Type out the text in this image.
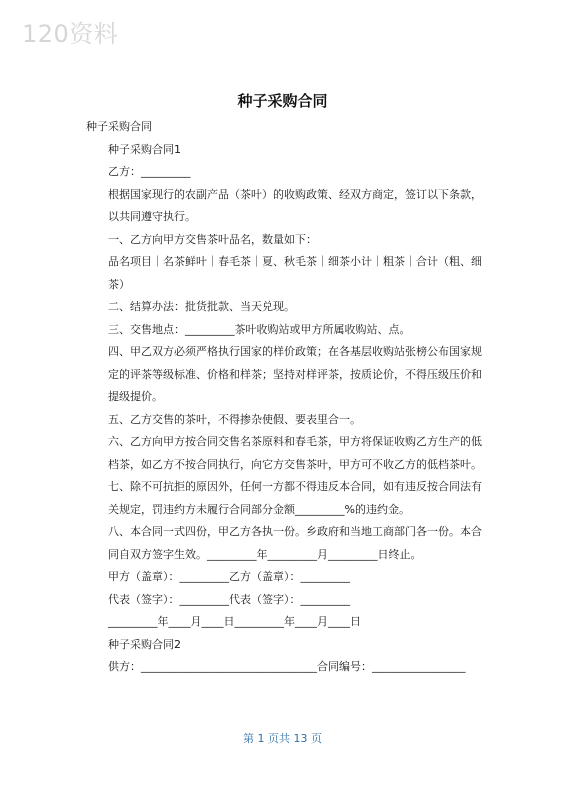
120资料
种子采购合同

种子采购合同

种子采购合同1

乙方：_________

根据国家现行的农副产品（茶叶）的收购政策、经双方商定，签订以下条款，以共同遵守执行。

一、乙方向甲方交售茶叶品名，数量如下：

品名项目｜名茶鲜叶｜春毛茶｜夏、秋毛茶｜细茶小计｜粗茶｜合计（粗、细茶）

二、结算办法：批货批款、当天兑现。

三、交售地点：_________茶叶收购站或甲方所属收购站、点。

四、甲乙双方必须严格执行国家的样价政策；在各基层收购站张榜公布国家规定的评茶等级标准、价格和样茶；坚持对样评茶，按质论价，不得压级压价和提级提价。

五、乙方交售的茶叶，不得掺杂使假、要表里合一。

六、乙方向甲方按合同交售名茶原料和春毛茶，甲方将保证收购乙方生产的低档茶，如乙方不按合同执行，向它方交售茶叶，甲方可不收乙方的低档茶叶。

七、除不可抗拒的原因外，任何一方都不得违反本合同，如有违反按合同法有关规定，罚违约方未履行合同部分金额_________%的违约金。

八、本合同一式四份，甲乙方各执一份。乡政府和当地工商部门各一份。本合同自双方签字生效。_________年_________月_________日终止。

甲方（盖章）：_________乙方（盖章）：_________

代表（签字）：_________代表（签字）：_________

_________年____月____日_________年____月____日

种子采购合同2

供方：________________________________合同编号：_________________

第 1 页共 13 页
